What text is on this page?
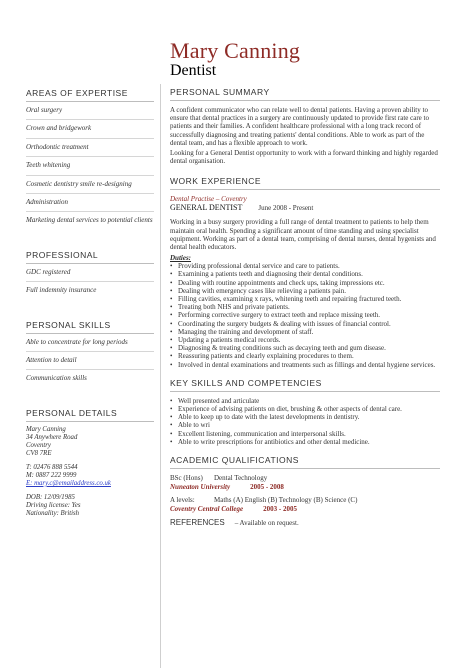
Mary Canning
Dentist
AREAS OF EXPERTISE
Oral surgery
Crown and bridgework
Orthodontic treatment
Teeth whitening
Cosmetic dentistry smile re-designing
Administration
Marketing dental services to potential clients
PROFESSIONAL
GDC registered
Full indemnity insurance
PERSONAL SKILLS
Able to concentrate for long periods
Attention to detail
Communication skills
PERSONAL DETAILS
Mary Canning
34 Anywhere Road
Coventry
CV8 7RE
T: 02476 888 5544
M: 0887 222 9999
E: mary.c@emailaddress.co.uk
DOB: 12/09/1985
Driving license: Yes
Nationality: British
PERSONAL SUMMARY

A confident communicator who can relate well to dental patients. Having a proven ability to ensure that dental practices in a surgery are continuously updated to provide first rate care to patients and their families. A confident healthcare professional with a long track record of successfully diagnosing and treating patients' dental conditions. Able to work as part of the dental team, and has a flexible approach to work.

Looking for a General Dentist opportunity to work with a forward thinking and highly regarded dental organisation.

WORK EXPERIENCE
Dental Practise – Coventry
GENERAL DENTIST June 2008 - Present

Working in a busy surgery providing a full range of dental treatment to patients to help them maintain oral health. Spending a significant amount of time standing and using specialist equipment. Working as part of a dental team, comprising of dental nurses, dental hygenists and dental health educators.

Duties:
• Providing professional dental service and care to patients.
• Examining a patients teeth and diagnosing their dental conditions.
• Dealing with routine appointments and check ups, taking impressions etc.
• Dealing with emergency cases like relieving a patients pain.
• Filling cavities, examining x rays, whitening teeth and repairing fractured teeth.
• Treating both NHS and private patients.
• Performing corrective surgery to extract teeth and replace missing teeth.
• Coordinating the surgery budgets & dealing with issues of financial control.
• Managing the training and development of staff.
• Updating a patients medical records.
• Diagnosing & treating conditions such as decaying teeth and gum disease.
• Reassuring patients and clearly explaining procedures to them.
• Involved in dental examinations and treatments such as fillings and dental hygiene services.
KEY SKILLS AND COMPETENCIES
• Well presented and articulate
• Experience of advising patients on diet, brushing & other aspects of dental care.
• Able to keep up to date with the latest developments in dentistry.
• Able to wri
• Excellent listening, communication and interpersonal skills.
• Able to write prescriptions for antibiotics and other dental medicine.
ACADEMIC QUALIFICATIONS
BSc (Hons)	Dental Technology
Nuneaton University	2005 - 2008
A levels:	Maths (A) English (B) Technology (B) Science (C)
Coventry Central College	2003 - 2005
REFERENCES – Available on request.
